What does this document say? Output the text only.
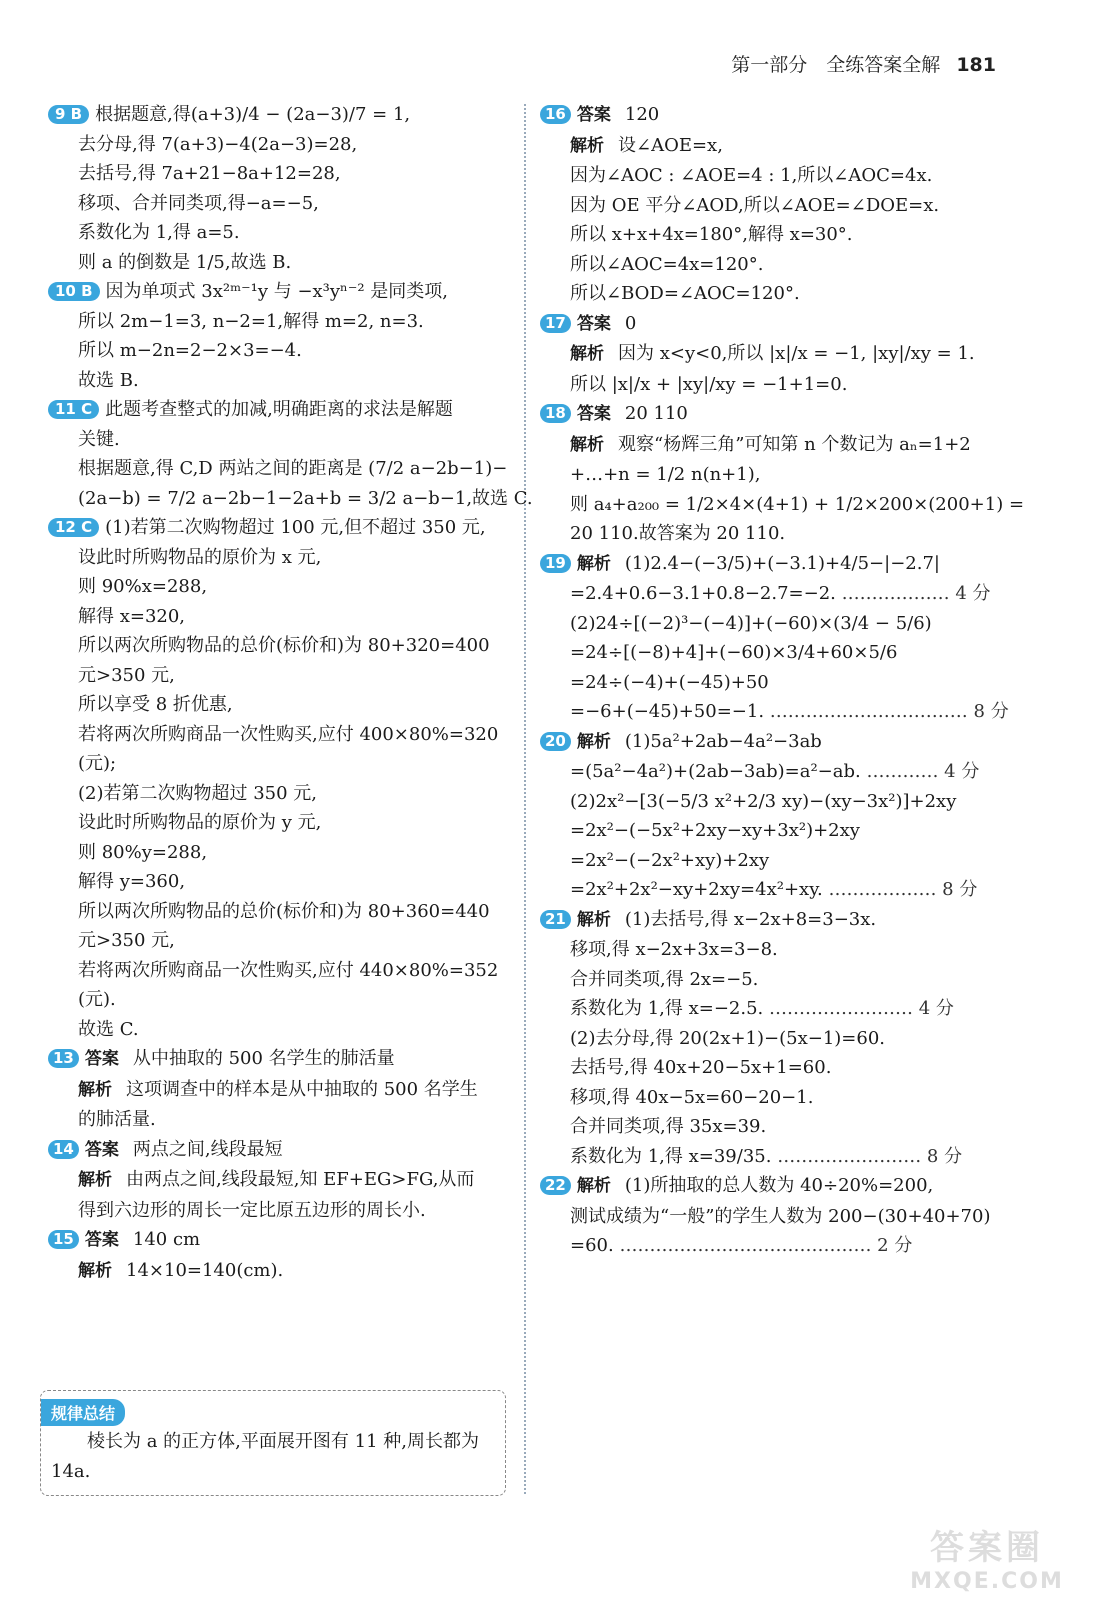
第一部分　全练答案全解 181
9 B 根据题意,得(a+3)/4 − (2a−3)/7 = 1,
去分母,得 7(a+3)−4(2a−3)=28,
去括号,得 7a+21−8a+12=28,
移项、合并同类项,得−a=−5,
系数化为 1,得 a=5.
则 a 的倒数是 1/5,故选 B.
10 B 因为单项式 3x²ᵐ⁻¹y 与 −x³yⁿ⁻² 是同类项,
所以 2m−1=3, n−2=1,解得 m=2, n=3.
所以 m−2n=2−2×3=−4.
故选 B.
11 C 此题考查整式的加减,明确距离的求法是解题
关键.
根据题意,得 C,D 两站之间的距离是 (7/2 a−2b−1)−
(2a−b) = 7/2 a−2b−1−2a+b = 3/2 a−b−1,故选 C.
12 C (1)若第二次购物超过 100 元,但不超过 350 元,
设此时所购物品的原价为 x 元,
则 90%x=288,
解得 x=320,
所以两次所购物品的总价(标价和)为 80+320=400
元>350 元,
所以享受 8 折优惠,
若将两次所购商品一次性购买,应付 400×80%=320
(元);
(2)若第二次购物超过 350 元,
设此时所购物品的原价为 y 元,
则 80%y=288,
解得 y=360,
所以两次所购物品的总价(标价和)为 80+360=440
元>350 元,
若将两次所购商品一次性购买,应付 440×80%=352
(元).
故选 C.
13 答案 从中抽取的 500 名学生的肺活量
解析 这项调查中的样本是从中抽取的 500 名学生
的肺活量.
14 答案 两点之间,线段最短
解析 由两点之间,线段最短,知 EF+EG>FG,从而
得到六边形的周长一定比原五边形的周长小.
15 答案 140 cm
解析 14×10=140(cm).
16 答案 120
解析 设∠AOE=x,
因为∠AOC : ∠AOE=4 : 1,所以∠AOC=4x.
因为 OE 平分∠AOD,所以∠AOE=∠DOE=x.
所以 x+x+4x=180°,解得 x=30°.
所以∠AOC=4x=120°.
所以∠BOD=∠AOC=120°.
17 答案 0
解析 因为 x<y<0,所以 |x|/x = −1, |xy|/xy = 1.
所以 |x|/x + |xy|/xy = −1+1=0.
18 答案 20 110
解析 观察“杨辉三角”可知第 n 个数记为 aₙ=1+2
+…+n = 1/2 n(n+1),
则 a₄+a₂₀₀ = 1/2×4×(4+1) + 1/2×200×(200+1) =
20 110.故答案为 20 110.
19 解析 (1)2.4−(−3/5)+(−3.1)+4/5−|−2.7|
=2.4+0.6−3.1+0.8−2.7=−2. ……………… 4 分
(2)24÷[(−2)³−(−4)]+(−60)×(3/4 − 5/6)
=24÷[(−8)+4]+(−60)×3/4+60×5/6
=24÷(−4)+(−45)+50
=−6+(−45)+50=−1. …………………………… 8 分
20 解析 (1)5a²+2ab−4a²−3ab
=(5a²−4a²)+(2ab−3ab)=a²−ab. ………… 4 分
(2)2x²−[3(−5/3 x²+2/3 xy)−(xy−3x²)]+2xy
=2x²−(−5x²+2xy−xy+3x²)+2xy
=2x²−(−2x²+xy)+2xy
=2x²+2x²−xy+2xy=4x²+xy. ……………… 8 分
21 解析 (1)去括号,得 x−2x+8=3−3x.
移项,得 x−2x+3x=3−8.
合并同类项,得 2x=−5.
系数化为 1,得 x=−2.5. …………………… 4 分
(2)去分母,得 20(2x+1)−(5x−1)=60.
去括号,得 40x+20−5x+1=60.
移项,得 40x−5x=60−20−1.
合并同类项,得 35x=39.
系数化为 1,得 x=39/35. …………………… 8 分
22 解析 (1)所抽取的总人数为 40÷20%=200,
测试成绩为“一般”的学生人数为 200−(30+40+70)
=60. …………………………………… 2 分
规律总结
棱长为 a 的正方体,平面展开图有 11 种,周长都为 14a.
答案圈
MXQE.COM
